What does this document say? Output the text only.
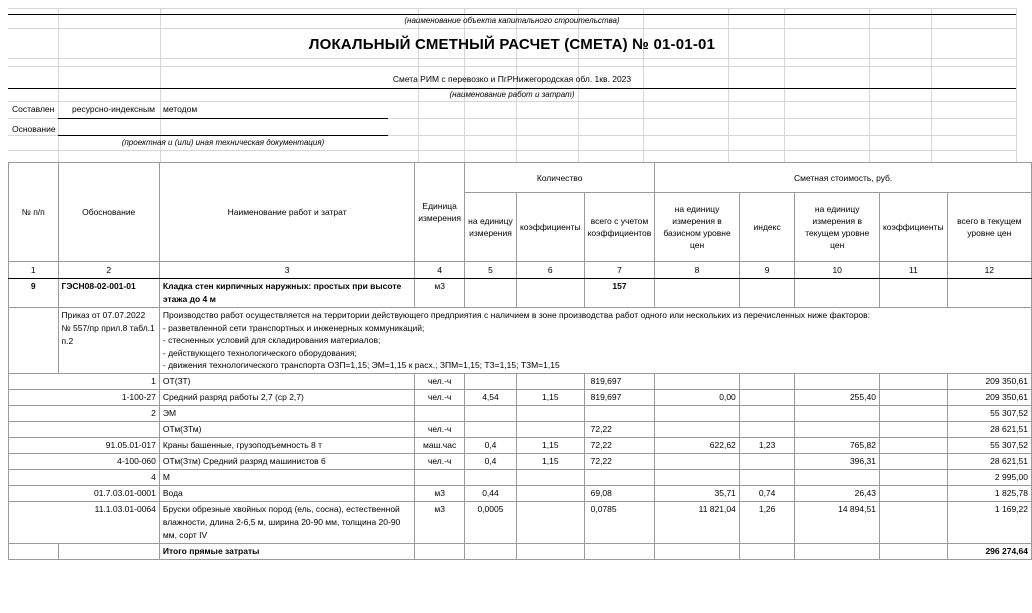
(наименование объекта капитального строительства)
ЛОКАЛЬНЫЙ СМЕТНЫЙ РАСЧЕТ (СМЕТА) № 01-01-01
Смета РИМ с перевозко и ПгРНижегородская обл. 1кв. 2023
(наименование работ и затрат)
Составлен ресурсно-индексным методом
Основание
(проектная и (или) иная техническая документация)
№ п/п	Обоснование	Наименование работ и затрат	Единица измерения	Количество			Сметная стоимость, руб.				
				на единицу измерения	коэффициенты	всего с учетом коэффициентов	на единицу измерения в базисном уровне цен	индекс	на единицу измерения в текущем уровне цен	коэффициенты	всего в текущем уровне цен
1	2	3	4	5	6	7	8	9	10	11	12
9	ГЭСН08-02-001-01	Кладка стен кирпичных наружных: простых при высоте этажа до 4 м	м3			157					
	Приказ от 07.07.2022 № 557/пр прил.8 табл.1 п.2	Производство работ осуществляется на территории действующего предприятия с наличием в зоне производства работ одного или нескольких из перечисленных ниже факторов:
- разветвленной сети транспортных и инженерных коммуникаций;
- стесненных условий для складирования материалов;
- действующего технологического оборудования;
- движения технологического транспорта ОЗП=1,15; ЭМ=1,15 к расх.; ЗПМ=1,15; ТЗ=1,15; ТЗМ=1,15									

1		ОТ(ЗТ)	чел.-ч			819,697					209 350,61
1-100-27		Средний разряд работы 2,7 (ср 2,7)	чел.-ч	4,54	1,15	819,697	0,00		255,40		209 350,61
2		ЭМ									55 307,52
		ОТм(ЗТм)	чел.-ч			72,22					28 621,51
91.05.01-017		Краны башенные, грузоподъемность 8 т	маш.час	0,4	1,15	72,22	622,62	1,23	765,82		55 307,52
4-100-060		ОТм(Зтм) Средний разряд машинистов 6	чел.-ч	0,4	1,15	72,22			396,31		28 621,51
4		М									2 995,00
01.7.03.01-0001		Вода	м3	0,44		69,08	35,71	0,74	26,43		1 825,78
11.1.03.01-0064		Бруски обрезные хвойных пород (ель, сосна), естественной влажности, длина 2-6,5 м, ширина 20-90 мм, толщина 20-90 мм, сорт IV	м3	0,0005		0,0785	11 821,04	1,26	14 894,51		1 169,22
		Итого прямые затраты									296 274,64
